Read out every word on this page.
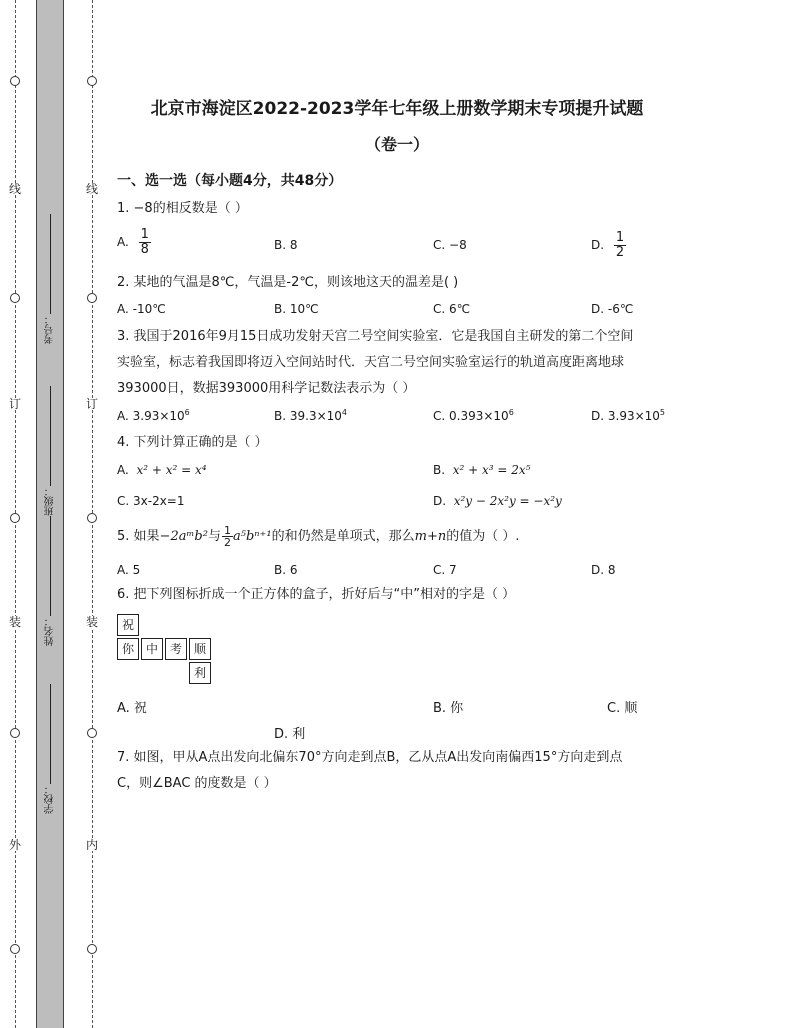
线
订
装
外
线
订
装
内
考号：
班级：
姓名：
学校：
北京市海淀区2022-2023学年七年级上册数学期末专项提升试题
（卷一）
一、选一选（每小题4分，共48分）
1. −8的相反数是（ ）
A. $\frac{1}{8}$	B. 8	C. −8	D. $\frac{1}{2}$
2. 某地的气温是8℃，气温是-2℃，则该地这天的温差是( )
A. -10℃	B. 10℃	C. 6℃	D. -6℃
3. 我国于2016年9月15日成功发射天宫二号空间实验室．它是我国自主研发的第二个空间
实验室，标志着我国即将迈入空间站时代．天宫二号空间实验室运行的轨道高度距离地球
393000日，数据393000用科学记数法表示为（ ）
A. $3.93\times 10^6$	B. $39.3\times 10^4$	C. $0.393\times 10^6$	D. $3.93\times 10^5$
4. 下列计算正确的是（ ）
A. x² + x² = x⁴	B. x² + x³ = 2x⁵
C. 3x-2x=1	D. x²y − 2x²y = −x²y
5. 如果−2aᵐb²与 $\frac{1}{2} a^5b^{n+1}$的和仍然是单项式，那么m+n的值为（ ）.
A. 5	B. 6	C. 7	D. 8
6. 把下列图标折成一个正方体的盒子，折好后与“中”相对的字是（ ）
祝
你 中 考 顺
利
A. 祝	B. 你	C. 顺
D. 利
7. 如图，甲从A点出发向北偏东70°方向走到点B，乙从点A出发向南偏西15°方向走到点
C，则∠BAC 的度数是（ ）
